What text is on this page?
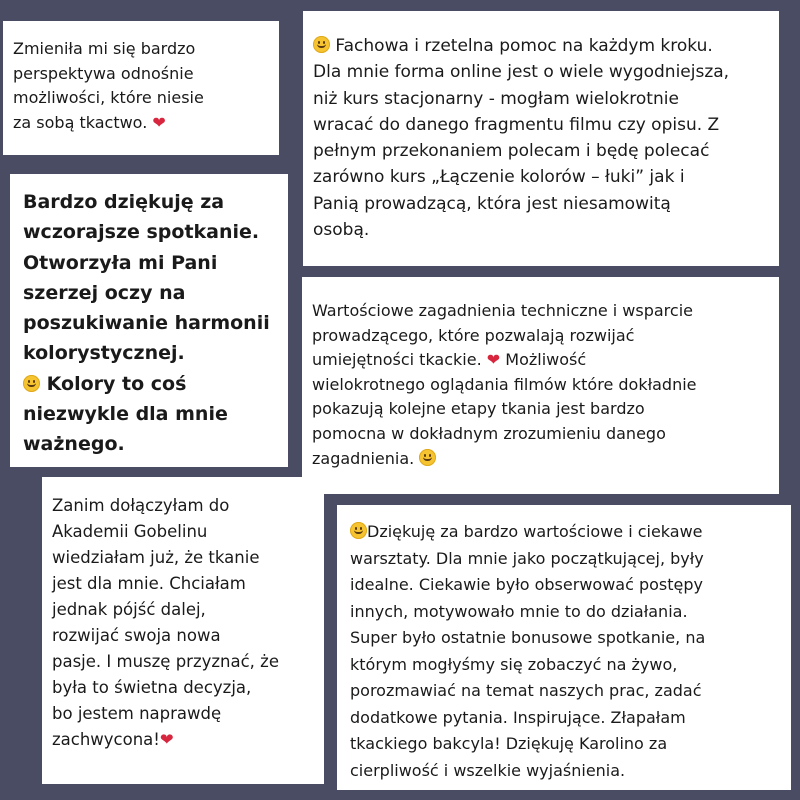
Zmieniła mi się bardzo

perspektywa odnośnie

możliwości, które niesie

za sobą tkactwo. ❤

Fachowa i rzetelna pomoc na każdym kroku.

Dla mnie forma online jest o wiele wygodniejsza,

niż kurs stacjonarny - mogłam wielokrotnie

wracać do danego fragmentu filmu czy opisu. Z

pełnym przekonaniem polecam i będę polecać

zarówno kurs „Łączenie kolorów – łuki” jak i

Panią prowadzącą, która jest niesamowitą

osobą.

Bardzo dziękuję za

wczorajsze spotkanie.

Otworzyła mi Pani

szerzej oczy na

poszukiwanie harmonii

kolorystycznej.

Kolory to coś

niezwykle dla mnie

ważnego.

Wartościowe zagadnienia techniczne i wsparcie

prowadzącego, które pozwalają rozwijać

umiejętności tkackie. ❤ Możliwość

wielokrotnego oglądania filmów które dokładnie

pokazują kolejne etapy tkania jest bardzo

pomocna w dokładnym zrozumieniu danego

zagadnienia.

Zanim dołączyłam do

Akademii Gobelinu

wiedziałam już, że tkanie

jest dla mnie. Chciałam

jednak pójść dalej,

rozwijać swoja nowa

pasje. I muszę przyznać, że

była to świetna decyzja,

bo jestem naprawdę

zachwycona!❤

Dziękuję za bardzo wartościowe i ciekawe

warsztaty. Dla mnie jako początkującej, były

idealne. Ciekawie było obserwować postępy

innych, motywowało mnie to do działania.

Super było ostatnie bonusowe spotkanie, na

którym mogłyśmy się zobaczyć na żywo,

porozmawiać na temat naszych prac, zadać

dodatkowe pytania. Inspirujące. Złapałam

tkackiego bakcyla! Dziękuję Karolino za

cierpliwość i wszelkie wyjaśnienia.
